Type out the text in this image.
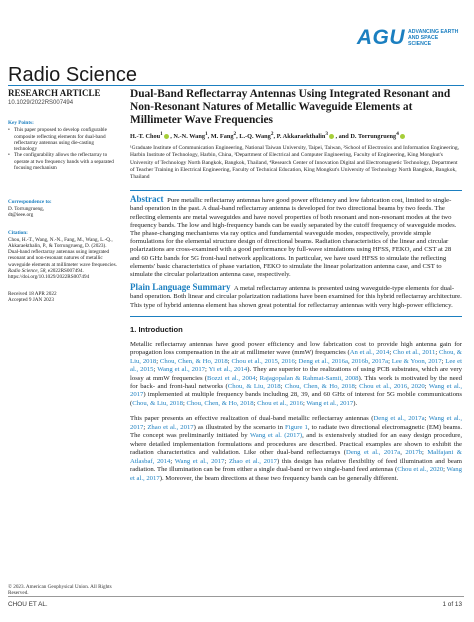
AGU ADVANCING EARTH AND SPACE SCIENCE
Radio Science
RESEARCH ARTICLE
10.1029/2022RS007494
Key Points:
• This paper proposed to develop configurable composite reflecting elements for dual-band reflectarray antennas using die-casting technology
• The configurability allows the reflectarray to operate at two frequency bands with a separated focusing mechanism
Correspondence to:
D. Torrungrueng,
dt@ieee.org
Citation:
Chou, H.-T., Wang, N.-N., Fang, M., Wang, L.-Q., Akkaraekthalin, P., & Torrungrueng, D. (2023). Dual-band reflectarray antennas using integrated resonant and non-resonant natures of metallic waveguide elements at millimeter wave frequencies. Radio Science, 58, e2022RS007494. https://doi.org/10.1029/2022RS007494
Received 18 APR 2022
Accepted 9 JAN 2023
© 2023. American Geophysical Union. All Rights Reserved.
Dual-Band Reflectarray Antennas Using Integrated Resonant and Non-Resonant Natures of Metallic Waveguide Elements at Millimeter Wave Frequencies
H.-T. Chou$^1$ , N.-N. Wang$^1$, M. Fang$^2$, L.-Q. Wang$^2$, P. Akkaraekthalin$^3$ , and D. Torrungrueng$^4$
¹Graduate Institute of Communication Engineering, National Taiwan University, Taipei, Taiwan, ²School of Electronics and Information Engineering, Harbin Institute of Technology, Harbin, China, ³Department of Electrical and Computer Engineering, Faculty of Engineering, King Mongkut's University of Technology North Bangkok, Bangkok, Thailand, ⁴Research Center of Innovation Digital and Electromagnetic Technology, Department of Teacher Training in Electrical Engineering, Faculty of Technical Education, King Mongkut's University of Technology North Bangkok, Bangkok, Thailand
Abstract Pure metallic reflectarray antennas have good power efficiency and low fabrication cost, limited to single-band operation in the past. A dual-band reflectarray antenna is developed for two directional beams by two feeds. The reflecting elements are metal waveguides and have novel properties of both resonant and non-resonant modes at the two frequency bands. The low and high-frequency bands can be easily separated by the cutoff frequency of waveguide modes. The phase-changing mechanisms via ray optics and fundamental waveguide modes, respectively, provide simple formulations for the elemental structure design of directional beams. Radiation characteristics of the linear and circular polarizations are cross-examined with a good performance by full-wave simulations using HFSS, FEKO, and CST at 28 and 60 GHz bands for 5G front-haul network applications. In particular, we have used HFSS to simulate the reflecting elements' basic characteristics of phase variation, FEKO to simulate the linear polarization antenna case, and CST to simulate the circular polarization antenna case, respectively.
Plain Language Summary A metal reflectarray antenna is presented using waveguide-type elements for dual-band operation. Both linear and circular polarization radiations have been examined for this hybrid reflectarray architecture. This type of hybrid antenna element has shown great potential for reflectarray antennas with very high-power efficiency.
1. Introduction
Metallic reflectarray antennas have good power efficiency and low fabrication cost to provide high antenna gain for propagation loss compensation in the air at millimeter wave (mmW) frequencies (An et al., 2014; Cho et al., 2011; Chou, & Liu, 2018; Chou, Chen, & Ho, 2018; Chou et al., 2015, 2016; Deng et al., 2016a, 2016b, 2017a; Lee & Yoon, 2017; Lee et al., 2015; Wang et al., 2017; Yi et al., 2014). They are superior to the realizations of using PCB substrates, which are very lossy at mmW frequencies (Bozzi et al., 2004; Rajagopalan & Rahmat-Samii, 2008). This work is motivated by the need for back- and front-haul networks (Chou, & Liu, 2018; Chou, Chen, & Ho, 2018; Chou et al., 2016, 2020; Wang et al., 2017) implemented at multiple frequency bands including 28, 39, and 60 GHz of interest for 5G mobile communications (Chou, & Liu, 2018; Chou, Chen, & Ho, 2018; Chou et al., 2016; Wang et al., 2017).
This paper presents an effective realization of dual-band metallic reflectarray antennas (Deng et al., 2017a; Wang et al., 2017; Zhao et al., 2017) as illustrated by the scenario in Figure 1, to radiate two directional electromagnetic (EM) beams. The concept was preliminarily initiated by Wang et al. (2017), and is extensively studied for an easy design procedure, where detailed implementation formulations and procedures are described. Practical examples are shown to exhibit the radiation characteristics and validation. Like other dual-band reflectarrays (Deng et al., 2017a, 2017b; Malfajani & Atlasbaf, 2014; Wang et al., 2017; Zhao et al., 2017) this design has relative flexibility of feed illumination and beam radiation. The illumination can be from either a single dual-band or two single-band feed antennas (Chou et al., 2020; Wang et al., 2017). Moreover, the beam directions at these two frequency bands can be generally different.
CHOU ET AL.	1 of 13
